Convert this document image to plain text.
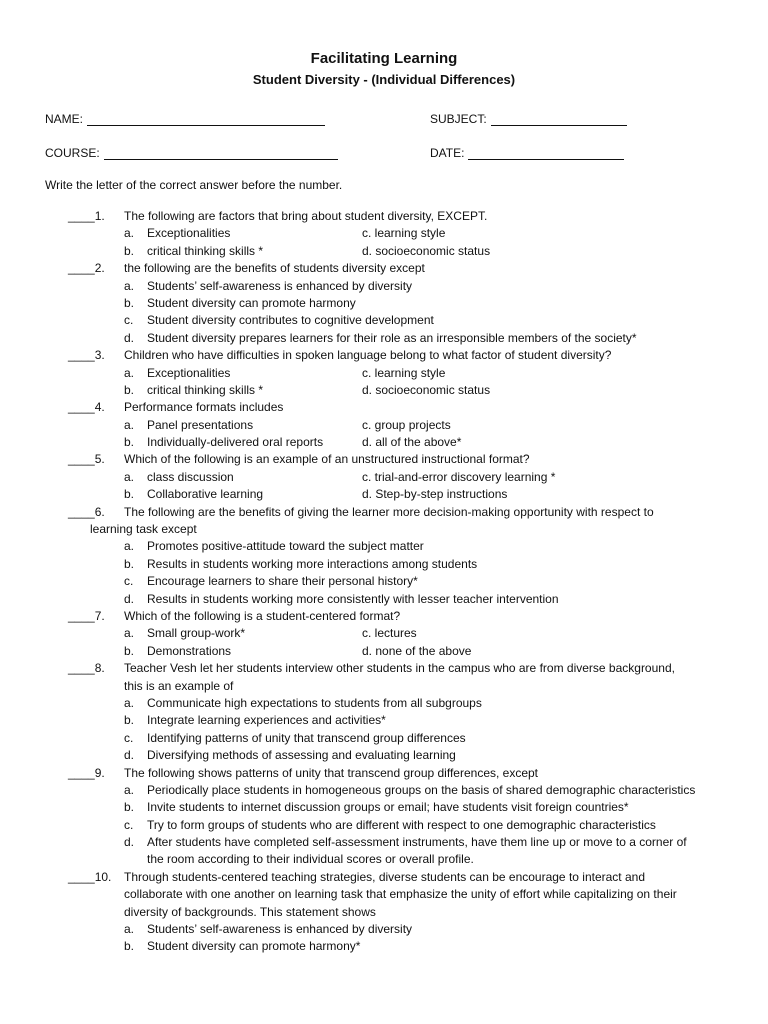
Facilitating Learning
Student Diversity - (Individual Differences)
NAME:	SUBJECT:
COURSE:	DATE:
Write the letter of the correct answer before the number.
____1. The following are factors that bring about student diversity, EXCEPT.
a. Exceptionalities	c. learning style
b. critical thinking skills *	d. socioeconomic status
____2. the following are the benefits of students diversity except
a. Students’ self-awareness is enhanced by diversity
b. Student diversity can promote harmony
c. Student diversity contributes to cognitive development
d. Student diversity prepares learners for their role as an irresponsible members of the society*
____3. Children who have difficulties in spoken language belong to what factor of student diversity?
a. Exceptionalities	c. learning style
b. critical thinking skills *	d. socioeconomic status
____4. Performance formats includes
a. Panel presentations	c. group projects
b. Individually-delivered oral reports	d. all of the above*
____5. Which of the following is an example of an unstructured instructional format?
a. class discussion	c. trial-and-error discovery learning *
b. Collaborative learning	d. Step-by-step instructions
____6. The following are the benefits of giving the learner more decision-making opportunity with respect to
learning task except
a. Promotes positive-attitude toward the subject matter
b. Results in students working more interactions among students
c. Encourage learners to share their personal history*
d. Results in students working more consistently with lesser teacher intervention
____7. Which of the following is a student-centered format?
a. Small group-work*	c. lectures
b. Demonstrations	d. none of the above
____8. Teacher Vesh let her students interview other students in the campus who are from diverse background,
this is an example of
a. Communicate high expectations to students from all subgroups
b. Integrate learning experiences and activities*
c. Identifying patterns of unity that transcend group differences
d. Diversifying methods of assessing and evaluating learning
____9. The following shows patterns of unity that transcend group differences, except
a. Periodically place students in homogeneous groups on the basis of shared demographic characteristics
b. Invite students to internet discussion groups or email; have students visit foreign countries*
c. Try to form groups of students who are different with respect to one demographic characteristics
d. After students have completed self-assessment instruments, have them line up or move to a corner of
the room according to their individual scores or overall profile.
____10. Through students-centered teaching strategies, diverse students can be encourage to interact and
collaborate with one another on learning task that emphasize the unity of effort while capitalizing on their
diversity of backgrounds. This statement shows
a. Students’ self-awareness is enhanced by diversity
b. Student diversity can promote harmony*
